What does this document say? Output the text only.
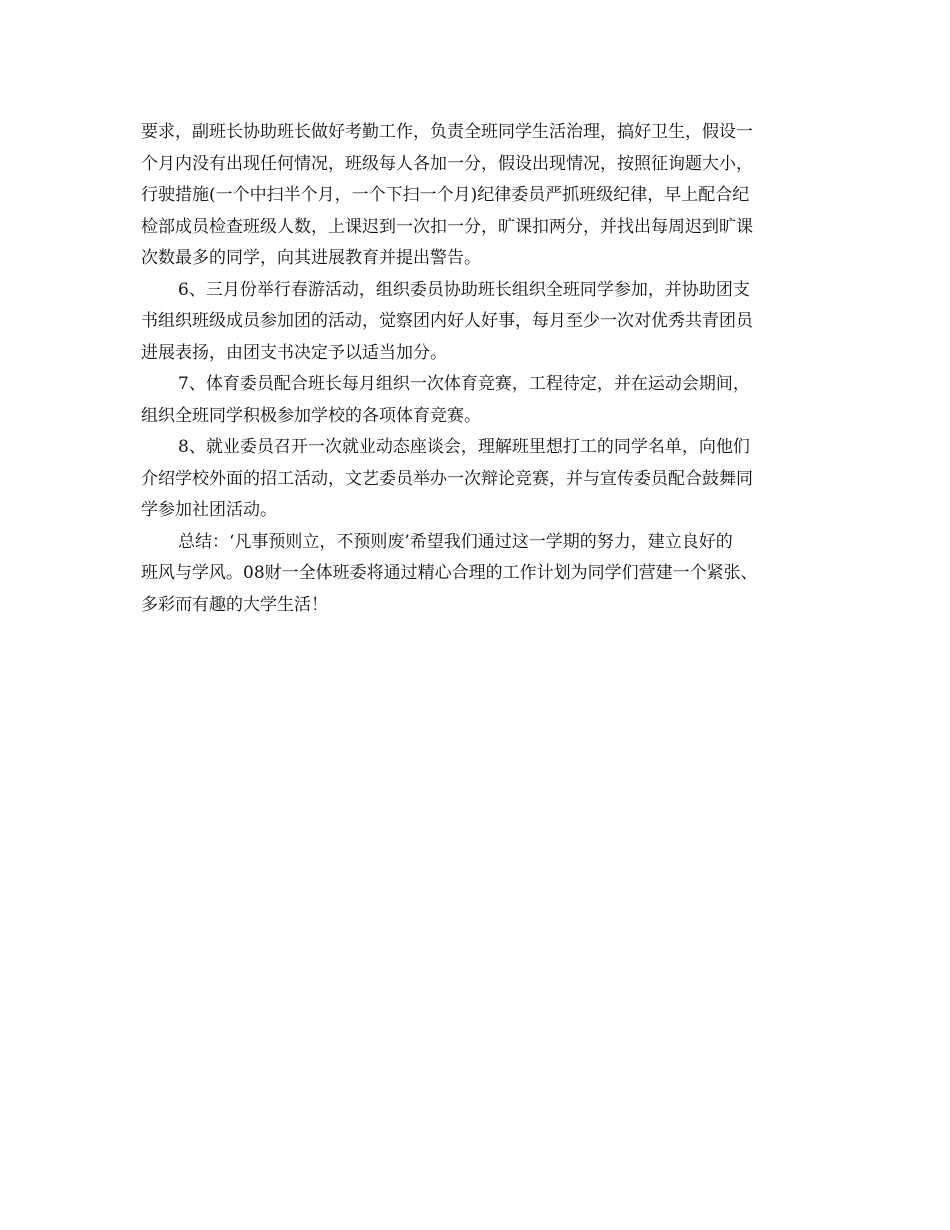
要求，副班长协助班长做好考勤工作，负责全班同学生活治理，搞好卫生，假设一
个月内没有出现任何情况，班级每人各加一分，假设出现情况，按照征询题大小，
行驶措施(一个中扫半个月，一个下扫一个月)纪律委员严抓班级纪律，早上配合纪
检部成员检查班级人数，上课迟到一次扣一分，旷课扣两分，并找出每周迟到旷课
次数最多的同学，向其进展教育并提出警告。
6、三月份举行春游活动，组织委员协助班长组织全班同学参加，并协助团支
书组织班级成员参加团的活动，觉察团内好人好事，每月至少一次对优秀共青团员
进展表扬，由团支书决定予以适当加分。
7、体育委员配合班长每月组织一次体育竞赛，工程待定，并在运动会期间，
组织全班同学积极参加学校的各项体育竞赛。
8、就业委员召开一次就业动态座谈会，理解班里想打工的同学名单，向他们
介绍学校外面的招工活动，文艺委员举办一次辩论竞赛，并与宣传委员配合鼓舞同
学参加社团活动。
总结：‘凡事预则立，不预则废’希望我们通过这一学期的努力，建立良好的
班风与学风。08财一全体班委将通过精心合理的工作计划为同学们营建一个紧张、
多彩而有趣的大学生活！
